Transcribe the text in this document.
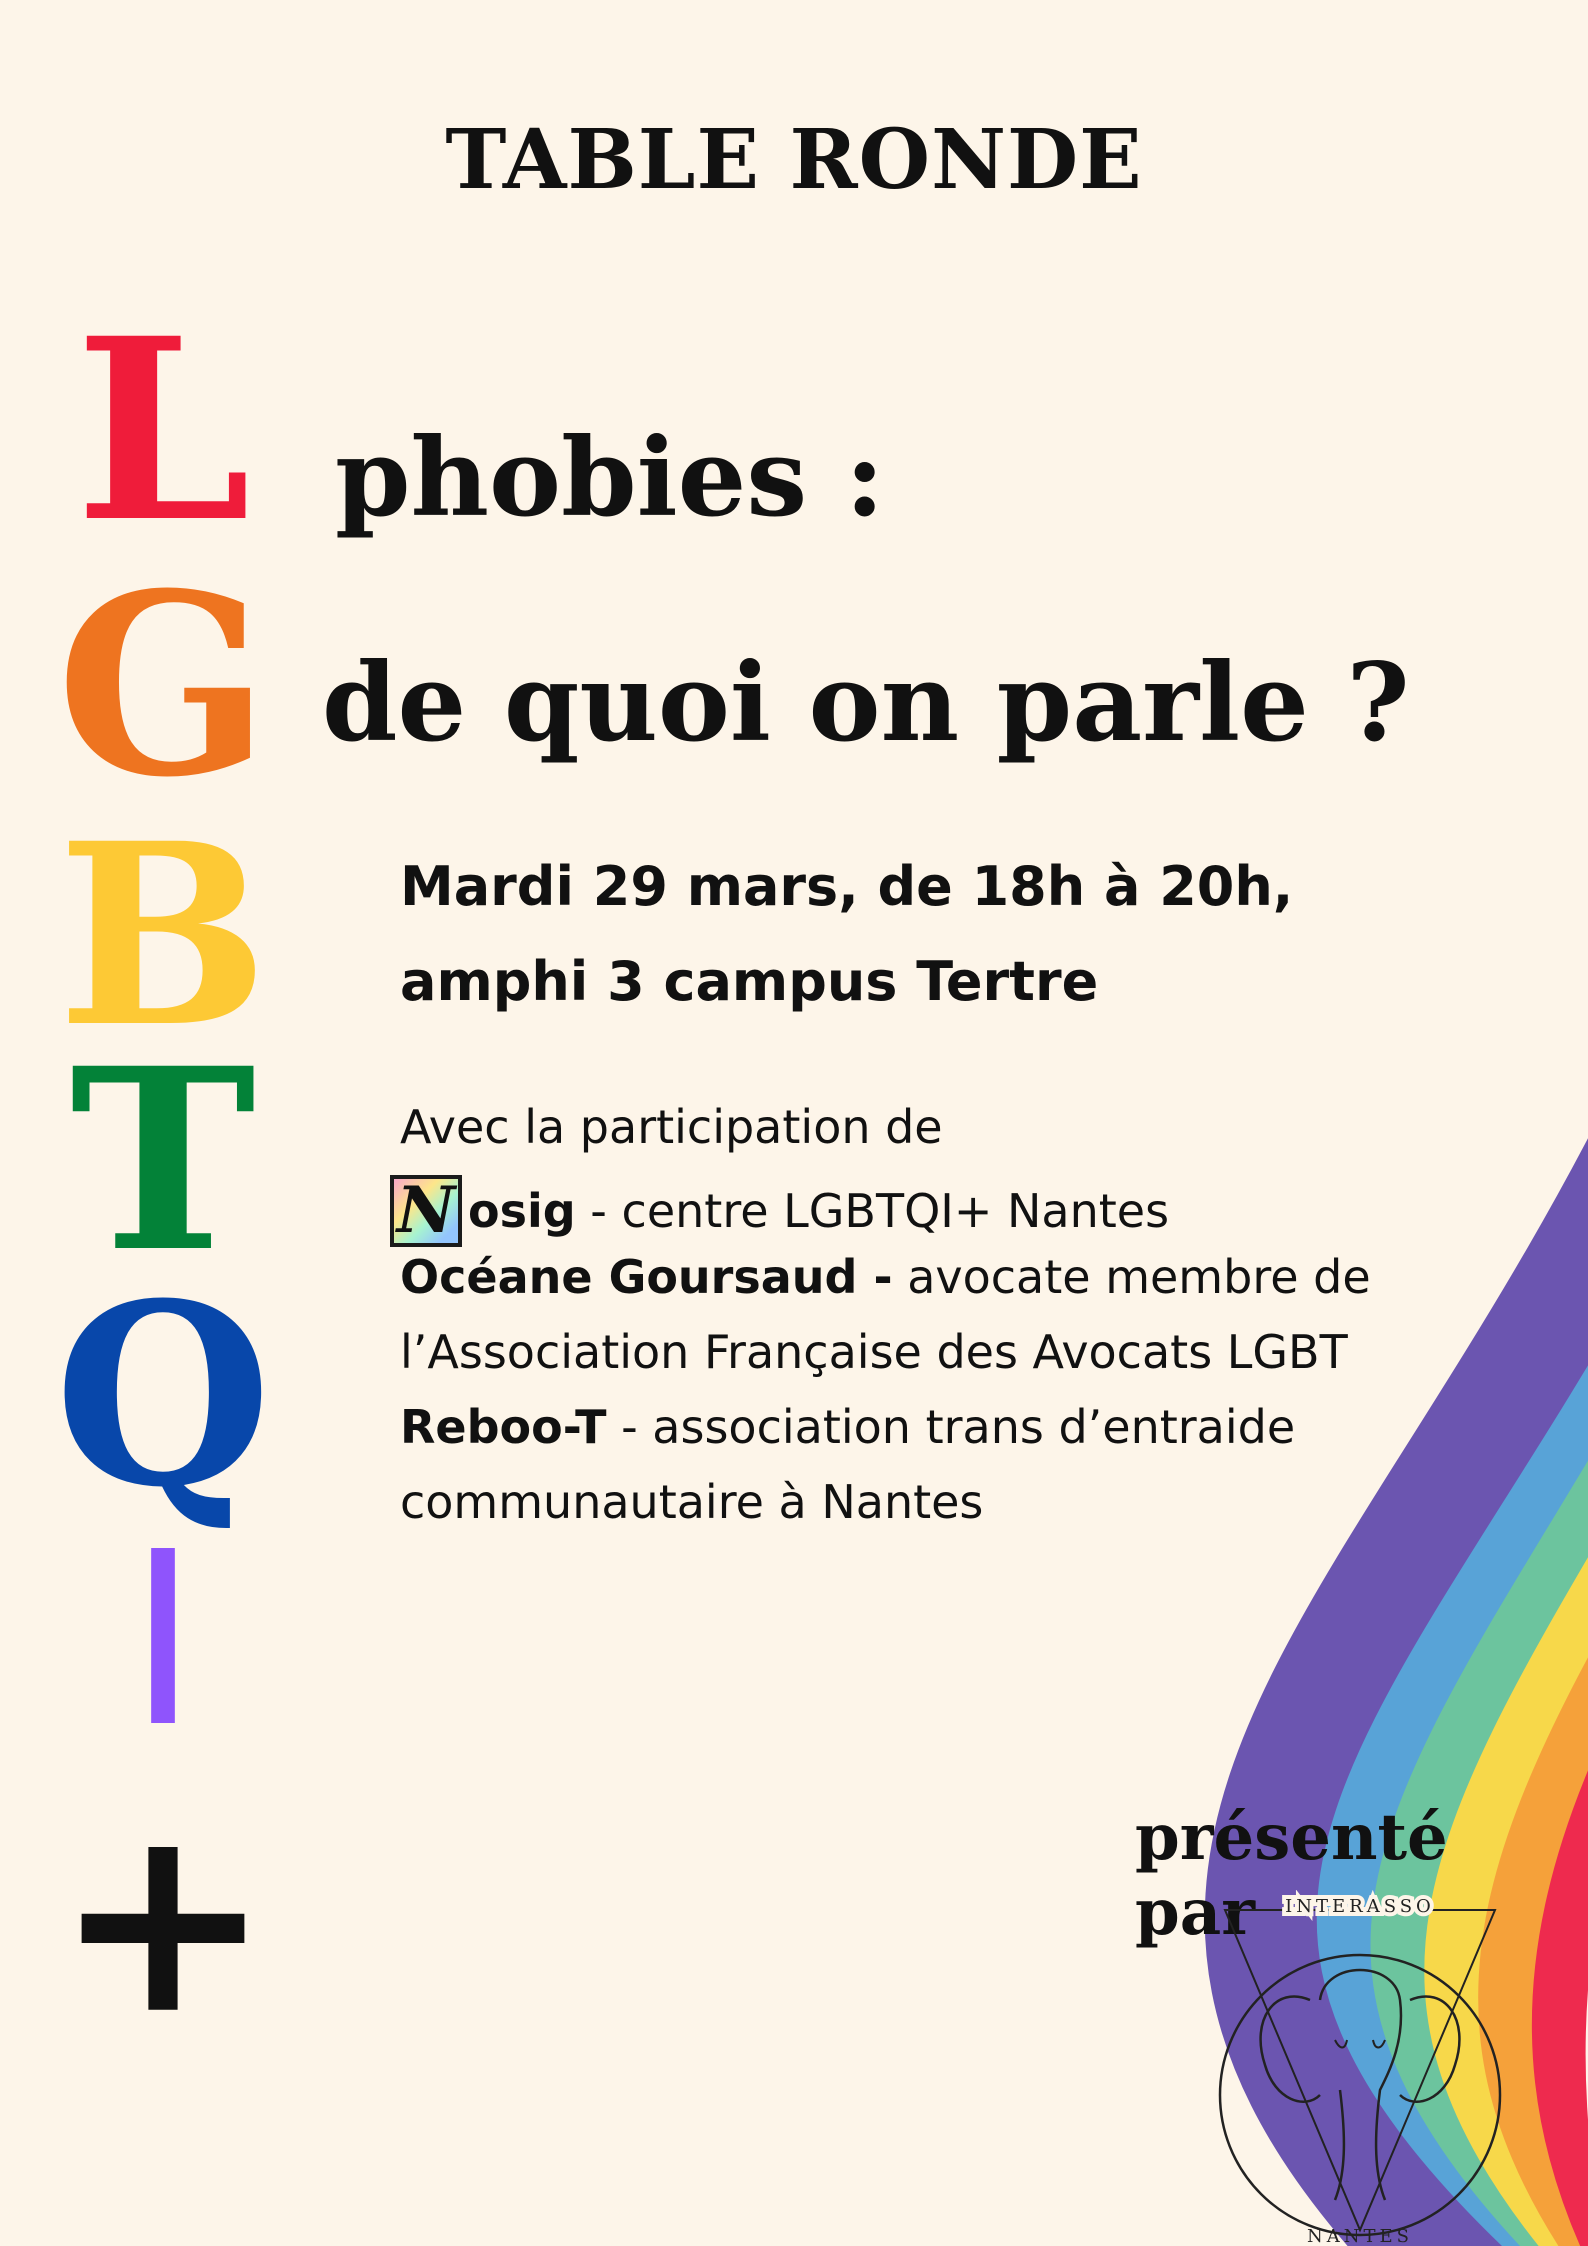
TABLE RONDE
L
G
B
T
Q
I
+
phobies :
de quoi on parle ?
Mardi 29 mars, de 18h à 20h,
amphi 3 campus Tertre
Avec la participation de
N osig - centre LGBTQI+ Nantes
Océane Goursaud - avocate membre de
l’Association Française des Avocats LGBT
Reboo-T - association trans d’entraide
communautaire à Nantes
présenté par	INTERASSO
NANTES
